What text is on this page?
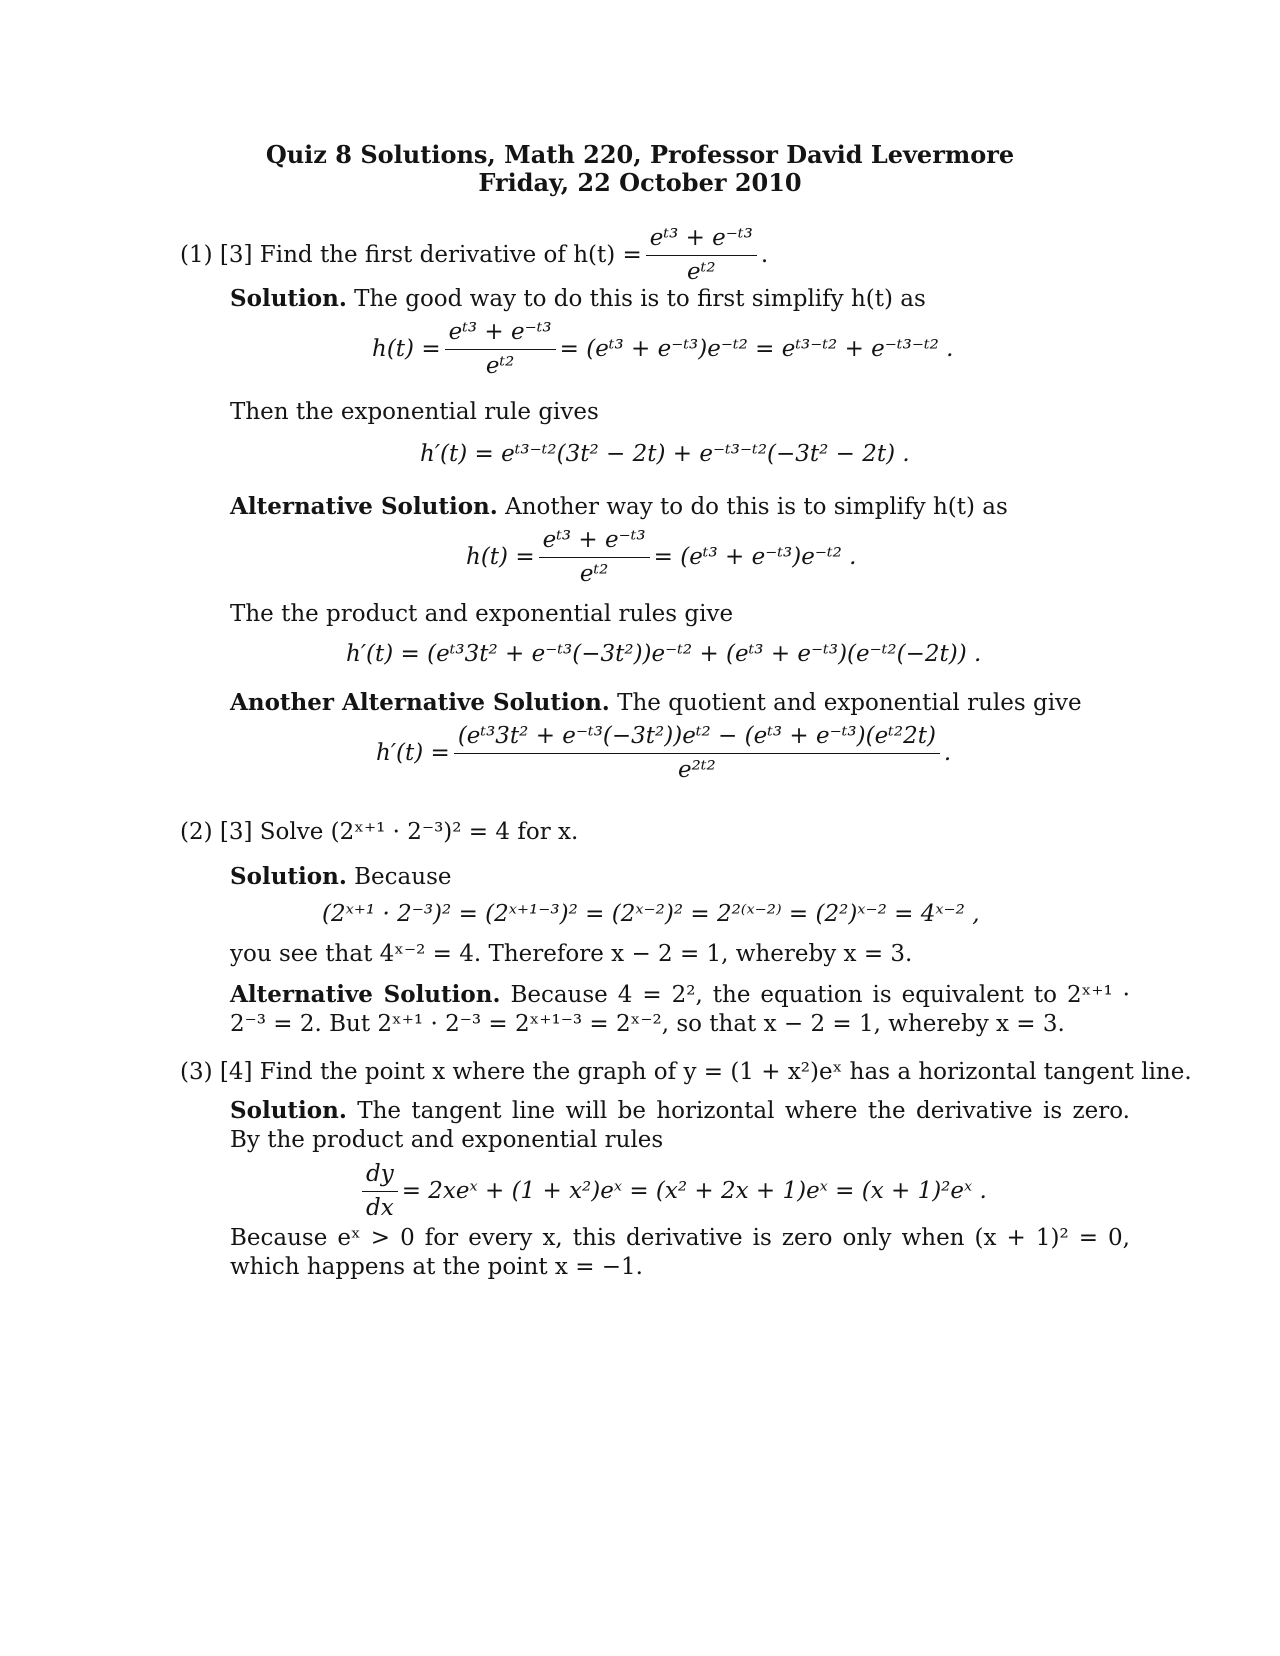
Quiz 8 Solutions, Math 220, Professor David Levermore
Friday, 22 October 2010
(1) [3] Find the first derivative of $h(t) = \frac{\text{eᵗ³ + e⁻ᵗ³}}{\text{eᵗ²}}$ .
Solution. The good way to do this is to first simplify h(t) as
$h(t) = \frac{\text{eᵗ³ + e⁻ᵗ³}}{\text{eᵗ²}}$ = (eᵗ³ + e⁻ᵗ³)e⁻ᵗ² = eᵗ³⁻ᵗ² + e⁻ᵗ³⁻ᵗ² .
Then the exponential rule gives
h′(t) = eᵗ³⁻ᵗ²(3t² − 2t) + e⁻ᵗ³⁻ᵗ²(−3t² − 2t) .
Alternative Solution. Another way to do this is to simplify h(t) as
$h(t) = \frac{\text{eᵗ³ + e⁻ᵗ³}}{\text{eᵗ²}}$ = (eᵗ³ + e⁻ᵗ³)e⁻ᵗ² .
The the product and exponential rules give
h′(t) = (eᵗ³3t² + e⁻ᵗ³(−3t²))e⁻ᵗ² + (eᵗ³ + e⁻ᵗ³)(e⁻ᵗ²(−2t)) .
Another Alternative Solution. The quotient and exponential rules give
$h'(t) = \frac{\text{(eᵗ³3t² + e⁻ᵗ³(−3t²))eᵗ² − (eᵗ³ + e⁻ᵗ³)(eᵗ²2t)}}{\text{e²ᵗ²}}$ .
(2) [3] Solve (2ˣ⁺¹ · 2⁻³)² = 4 for x.
Solution. Because
(2ˣ⁺¹ · 2⁻³)² = (2ˣ⁺¹⁻³)² = (2ˣ⁻²)² = 2²⁽ˣ⁻²⁾ = (2²)ˣ⁻² = 4ˣ⁻² ,
you see that 4ˣ⁻² = 4. Therefore x − 2 = 1, whereby x = 3.
Alternative Solution. Because 4 = 2², the equation is equivalent to 2ˣ⁺¹ · 2⁻³ = 2. But 2ˣ⁺¹ · 2⁻³ = 2ˣ⁺¹⁻³ = 2ˣ⁻², so that x − 2 = 1, whereby x = 3.
(3) [4] Find the point x where the graph of y = (1 + x²)eˣ has a horizontal tangent line.
Solution. The tangent line will be horizontal where the derivative is zero. By the product and exponential rules
$\frac{dy}{dx}$ = 2xeˣ + (1 + x²)eˣ = (x² + 2x + 1)eˣ = (x + 1)²eˣ .
Because eˣ > 0 for every x, this derivative is zero only when (x + 1)² = 0, which happens at the point x = −1.
